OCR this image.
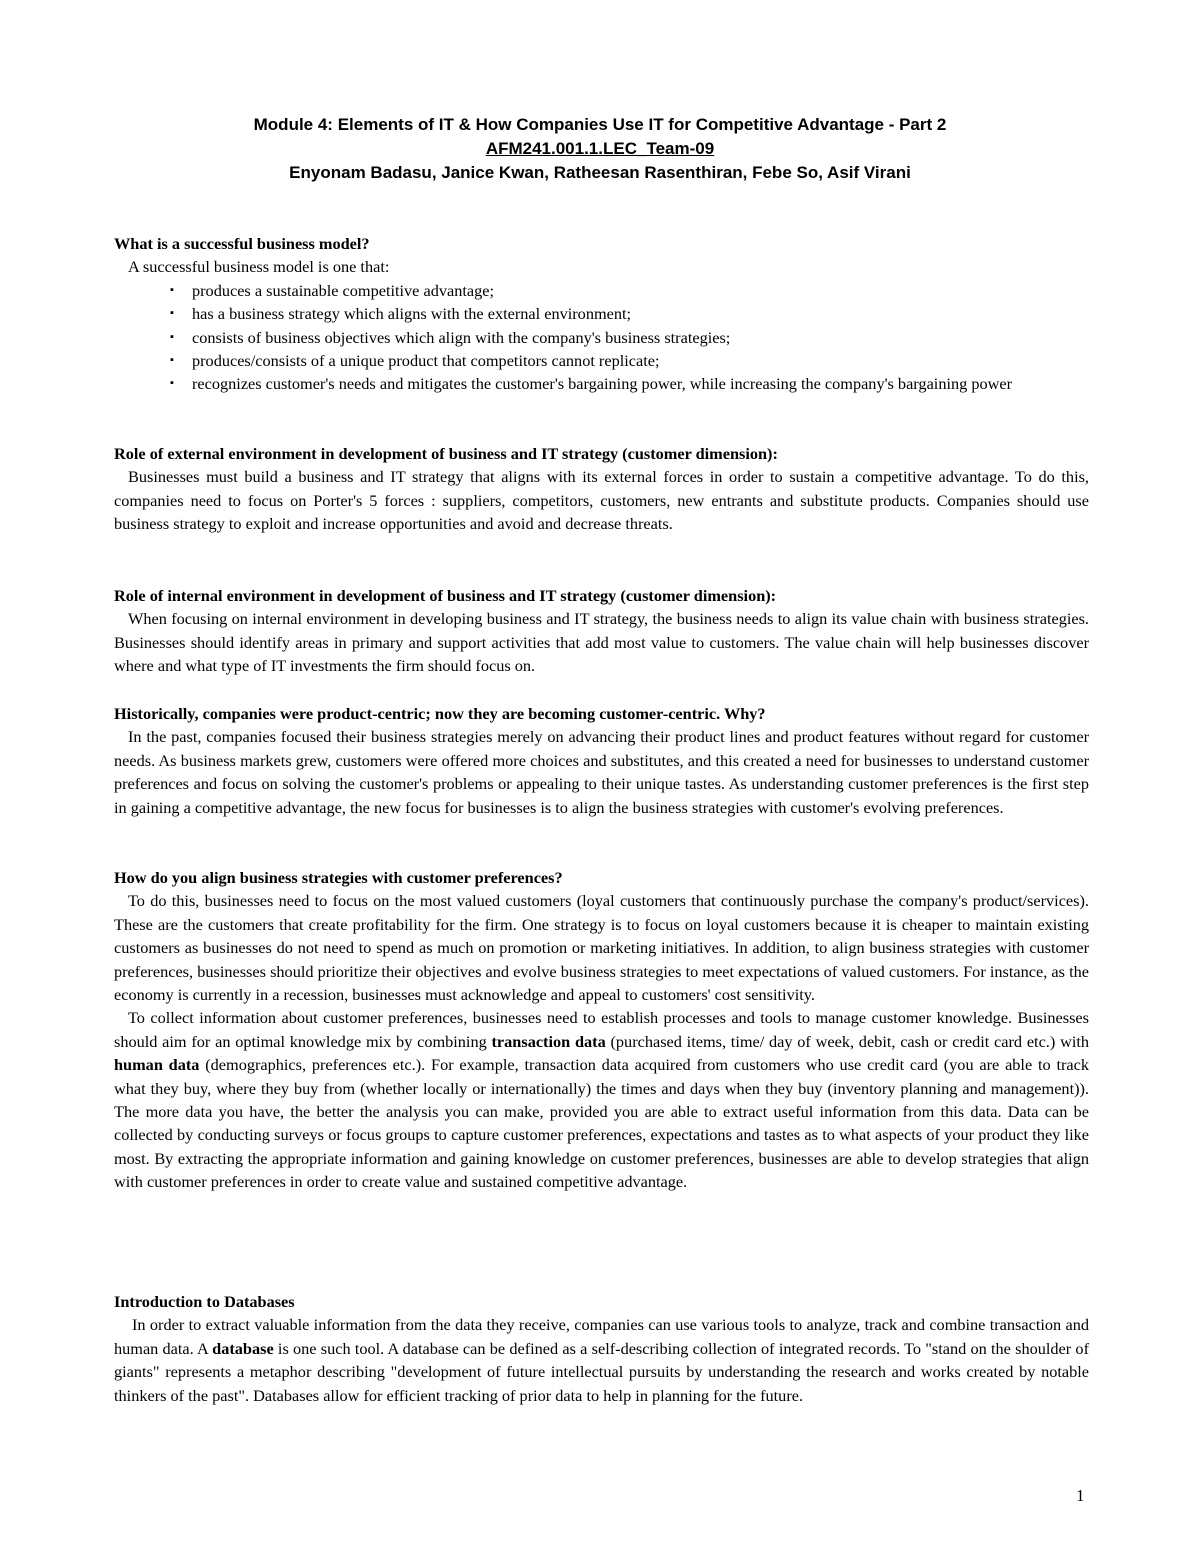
Module 4: Elements of IT & How Companies Use IT for Competitive Advantage - Part 2
AFM241.001.1.LEC_Team-09
Enyonam Badasu, Janice Kwan, Ratheesan Rasenthiran, Febe So, Asif Virani
What is a successful business model?
A successful business model is one that:
▪ produces a sustainable competitive advantage;
▪ has a business strategy which aligns with the external environment;
▪ consists of business objectives which align with the company's business strategies;
▪ produces/consists of a unique product that competitors cannot replicate;
▪ recognizes customer's needs and mitigates the customer's bargaining power, while increasing the company's bargaining power
Role of external environment in development of business and IT strategy (customer dimension):
Businesses must build a business and IT strategy that aligns with its external forces in order to sustain a competitive advantage. To do this, companies need to focus on Porter's 5 forces : suppliers, competitors, customers, new entrants and substitute products. Companies should use business strategy to exploit and increase opportunities and avoid and decrease threats.
Role of internal environment in development of business and IT strategy (customer dimension):
When focusing on internal environment in developing business and IT strategy, the business needs to align its value chain with business strategies. Businesses should identify areas in primary and support activities that add most value to customers. The value chain will help businesses discover where and what type of IT investments the firm should focus on.
Historically, companies were product-centric; now they are becoming customer-centric. Why?
In the past, companies focused their business strategies merely on advancing their product lines and product features without regard for customer needs. As business markets grew, customers were offered more choices and substitutes, and this created a need for businesses to understand customer preferences and focus on solving the customer's problems or appealing to their unique tastes. As understanding customer preferences is the first step in gaining a competitive advantage, the new focus for businesses is to align the business strategies with customer's evolving preferences.
How do you align business strategies with customer preferences?
To do this, businesses need to focus on the most valued customers (loyal customers that continuously purchase the company's product/services). These are the customers that create profitability for the firm. One strategy is to focus on loyal customers because it is cheaper to maintain existing customers as businesses do not need to spend as much on promotion or marketing initiatives. In addition, to align business strategies with customer preferences, businesses should prioritize their objectives and evolve business strategies to meet expectations of valued customers. For instance, as the economy is currently in a recession, businesses must acknowledge and appeal to customers' cost sensitivity.
To collect information about customer preferences, businesses need to establish processes and tools to manage customer knowledge. Businesses should aim for an optimal knowledge mix by combining transaction data (purchased items, time/ day of week, debit, cash or credit card etc.) with human data (demographics, preferences etc.). For example, transaction data acquired from customers who use credit card (you are able to track what they buy, where they buy from (whether locally or internationally) the times and days when they buy (inventory planning and management)). The more data you have, the better the analysis you can make, provided you are able to extract useful information from this data. Data can be collected by conducting surveys or focus groups to capture customer preferences, expectations and tastes as to what aspects of your product they like most. By extracting the appropriate information and gaining knowledge on customer preferences, businesses are able to develop strategies that align with customer preferences in order to create value and sustained competitive advantage.
Introduction to Databases
In order to extract valuable information from the data they receive, companies can use various tools to analyze, track and combine transaction and human data. A database is one such tool. A database can be defined as a self-describing collection of integrated records. To "stand on the shoulder of giants" represents a metaphor describing "development of future intellectual pursuits by understanding the research and works created by notable thinkers of the past". Databases allow for efficient tracking of prior data to help in planning for the future.
1
